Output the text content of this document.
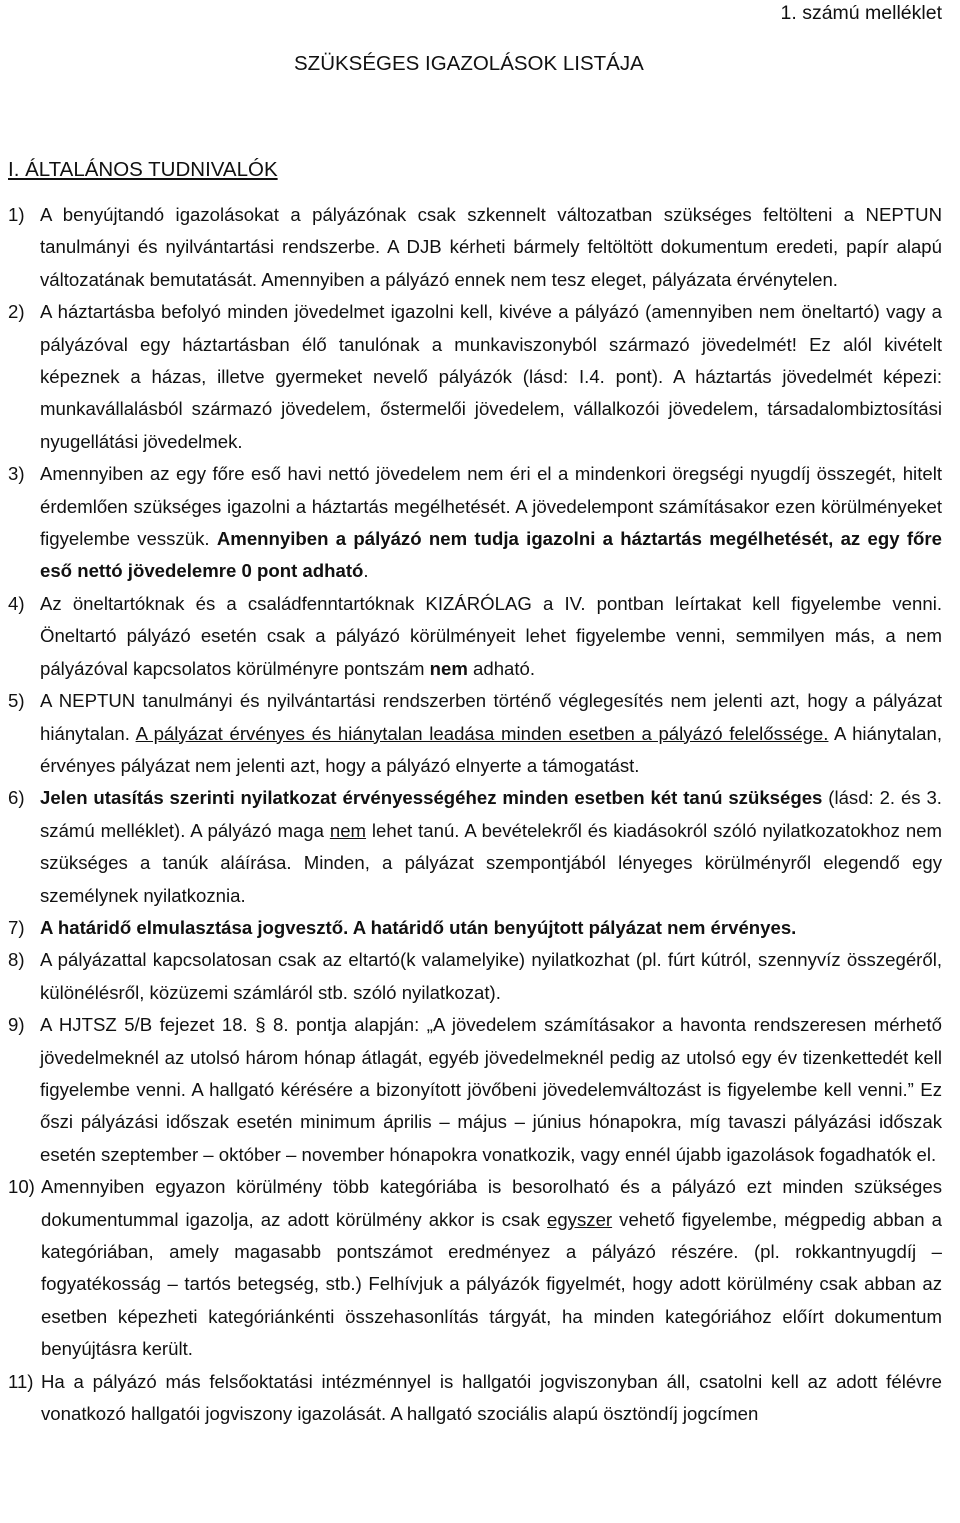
1. számú melléklet
SZÜKSÉGES IGAZOLÁSOK LISTÁJA
I. ÁLTALÁNOS TUDNIVALÓK
1) A benyújtandó igazolásokat a pályázónak csak szkennelt változatban szükséges feltölteni a NEPTUN tanulmányi és nyilvántartási rendszerbe. A DJB kérheti bármely feltöltött dokumentum eredeti, papír alapú változatának bemutatását. Amennyiben a pályázó ennek nem tesz eleget, pályázata érvénytelen.
2) A háztartásba befolyó minden jövedelmet igazolni kell, kivéve a pályázó (amennyiben nem öneltartó) vagy a pályázóval egy háztartásban élő tanulónak a munkaviszonyból származó jövedelmét! Ez alól kivételt képeznek a házas, illetve gyermeket nevelő pályázók (lásd: I.4. pont). A háztartás jövedelmét képezi: munkavállalásból származó jövedelem, őstermelői jövedelem, vállalkozói jövedelem, társadalombiztosítási nyugellátási jövedelmek.
3) Amennyiben az egy főre eső havi nettó jövedelem nem éri el a mindenkori öregségi nyugdíj összegét, hitelt érdemlően szükséges igazolni a háztartás megélhetését. A jövedelempont számításakor ezen körülményeket figyelembe vesszük. Amennyiben a pályázó nem tudja igazolni a háztartás megélhetését, az egy főre eső nettó jövedelemre 0 pont adható.
4) Az öneltartóknak és a családfenntartóknak KIZÁRÓLAG a IV. pontban leírtakat kell figyelembe venni. Öneltartó pályázó esetén csak a pályázó körülményeit lehet figyelembe venni, semmilyen más, a nem pályázóval kapcsolatos körülményre pontszám nem adható.
5) A NEPTUN tanulmányi és nyilvántartási rendszerben történő véglegesítés nem jelenti azt, hogy a pályázat hiánytalan. A pályázat érvényes és hiánytalan leadása minden esetben a pályázó felelőssége. A hiánytalan, érvényes pályázat nem jelenti azt, hogy a pályázó elnyerte a támogatást.
6) Jelen utasítás szerinti nyilatkozat érvényességéhez minden esetben két tanú szükséges (lásd: 2. és 3. számú melléklet). A pályázó maga nem lehet tanú. A bevételekről és kiadásokról szóló nyilatkozatokhoz nem szükséges a tanúk aláírása. Minden, a pályázat szempontjából lényeges körülményről elegendő egy személynek nyilatkoznia.
7) A határidő elmulasztása jogvesztő. A határidő után benyújtott pályázat nem érvényes.
8) A pályázattal kapcsolatosan csak az eltartó(k valamelyike) nyilatkozhat (pl. fúrt kútról, szennyvíz összegéről, különélésről, közüzemi számláról stb. szóló nyilatkozat).
9) A HJTSZ 5/B fejezet 18. § 8. pontja alapján: „A jövedelem számításakor a havonta rendszeresen mérhető jövedelmeknél az utolsó három hónap átlagát, egyéb jövedelmeknél pedig az utolsó egy év tizenkettedét kell figyelembe venni. A hallgató kérésére a bizonyított jövőbeni jövedelemváltozást is figyelembe kell venni.” Ez őszi pályázási időszak esetén minimum április – május – június hónapokra, míg tavaszi pályázási időszak esetén szeptember – október – november hónapokra vonatkozik, vagy ennél újabb igazolások fogadhatók el.
10) Amennyiben egyazon körülmény több kategóriába is besorolható és a pályázó ezt minden szükséges dokumentummal igazolja, az adott körülmény akkor is csak egyszer vehető figyelembe, mégpedig abban a kategóriában, amely magasabb pontszámot eredményez a pályázó részére. (pl. rokkantnyugdíj – fogyatékosság – tartós betegség, stb.) Felhívjuk a pályázók figyelmét, hogy adott körülmény csak abban az esetben képezheti kategóriánkénti összehasonlítás tárgyát, ha minden kategóriához előírt dokumentum benyújtásra került.
11) Ha a pályázó más felsőoktatási intézménnyel is hallgatói jogviszonyban áll, csatolni kell az adott félévre vonatkozó hallgatói jogviszony igazolását. A hallgató szociális alapú ösztöndíj jogcímen
